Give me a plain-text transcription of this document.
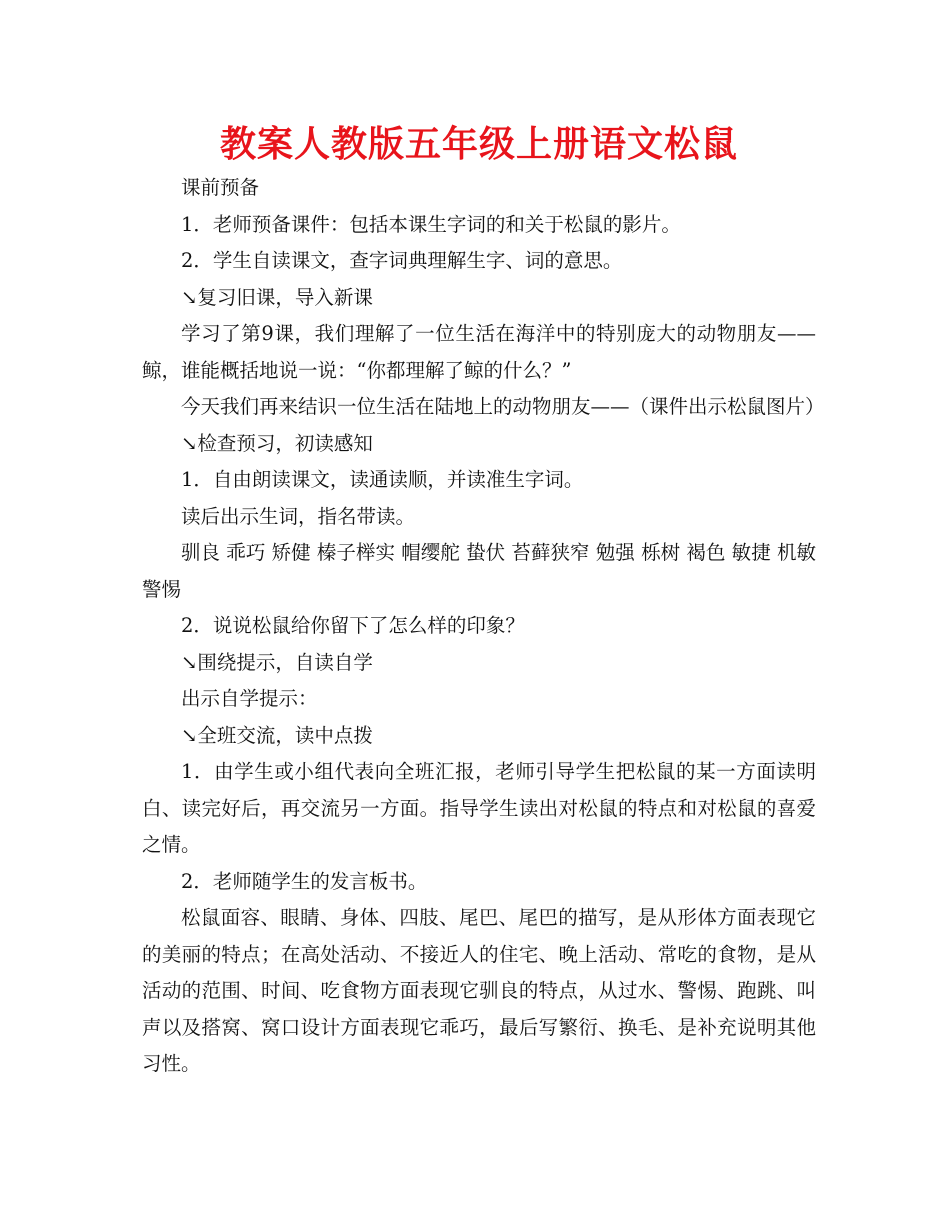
教案人教版五年级上册语文松鼠

课前预备

1．老师预备课件：包括本课生字词的和关于松鼠的影片。

2．学生自读课文，查字词典理解生字、词的意思。

↘复习旧课，导入新课

学习了第9课，我们理解了一位生活在海洋中的特别庞大的动物朋友——鲸，谁能概括地说一说：“你都理解了鲸的什么？”

今天我们再来结识一位生活在陆地上的动物朋友——（课件出示松鼠图片）

↘检查预习，初读感知

1．自由朗读课文，读通读顺，并读准生字词。

读后出示生词，指名带读。

驯良 乖巧 矫健 榛子榉实 帽缨舵 蛰伏 苔藓狭窄 勉强 栎树 褐色 敏捷 机敏 警惕

2．说说松鼠给你留下了怎么样的印象？

↘围绕提示，自读自学

出示自学提示：

↘全班交流，读中点拨

1．由学生或小组代表向全班汇报，老师引导学生把松鼠的某一方面读明白、读完好后，再交流另一方面。指导学生读出对松鼠的特点和对松鼠的喜爱之情。

2．老师随学生的发言板书。

松鼠面容、眼睛、身体、四肢、尾巴、尾巴的描写，是从形体方面表现它的美丽的特点；在高处活动、不接近人的住宅、晚上活动、常吃的食物，是从活动的范围、时间、吃食物方面表现它驯良的特点，从过水、警惕、跑跳、叫声以及搭窝、窝口设计方面表现它乖巧，最后写繁衍、换毛、是补充说明其他习性。
